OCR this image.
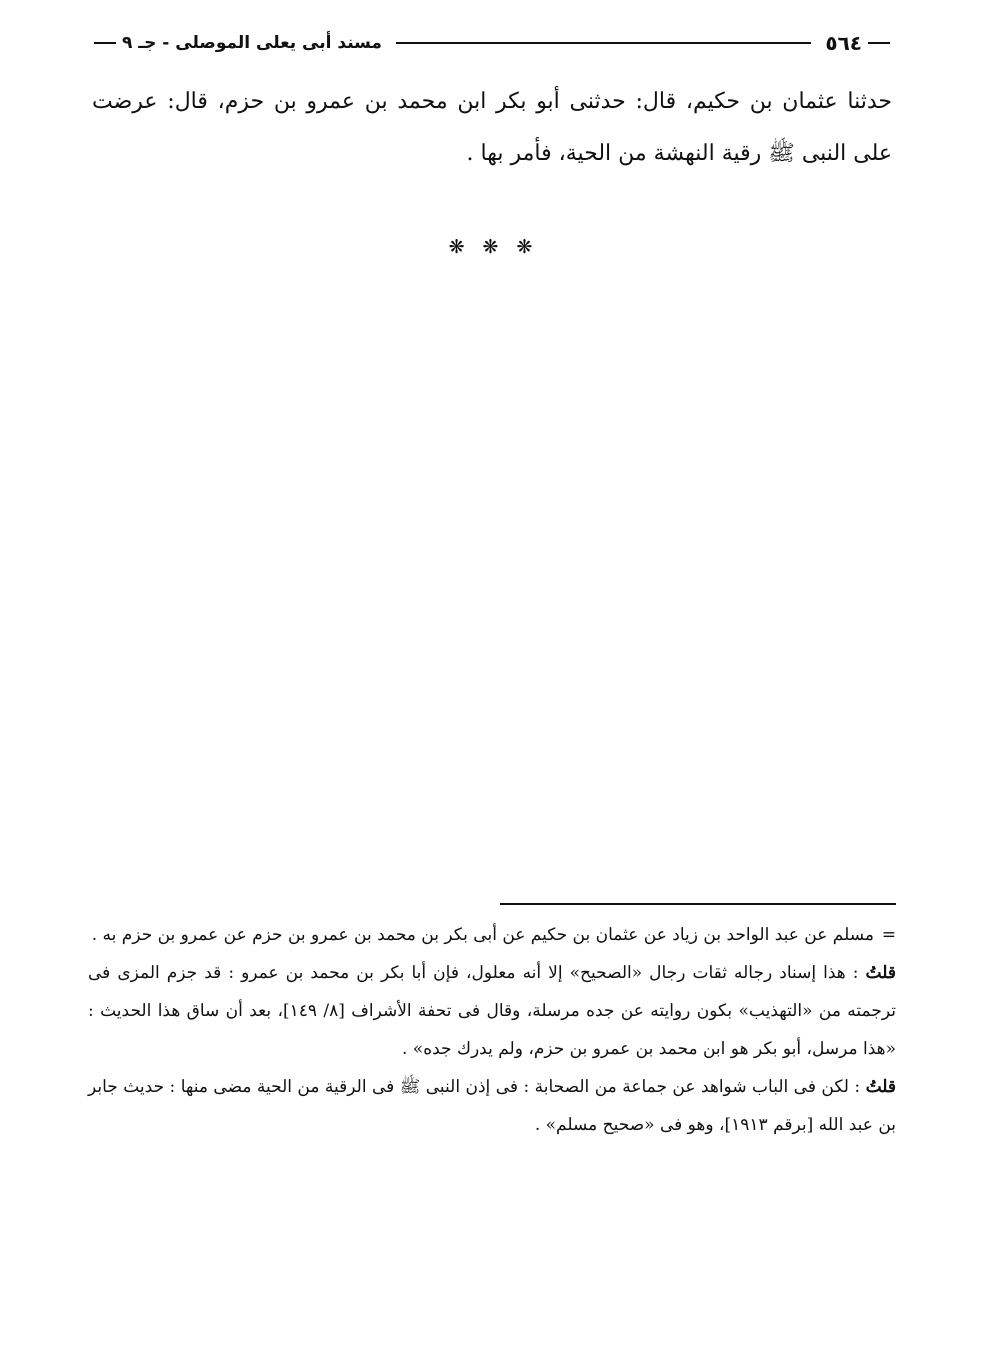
٥٦٤
مسند أبى يعلى الموصلى - جـ ٩
حدثنا عثمان بن حكيم، قال: حدثنى أبو بكر ابن محمد بن عمرو بن حزم، قال: عرضت على النبى ﷺ رقية النهشة من الحية، فأمر بها .
❋ ❋ ❋

=
مسلم عن عبد الواحد بن زياد عن عثمان بن حكيم عن أبى بكر بن محمد بن عمرو بن حزم عن عمرو بن حزم به .

قلتُ : هذا إسناد رجاله ثقات رجال «الصحيح» إلا أنه معلول، فإن أبا بكر بن محمد بن عمرو : قد جزم المزى فى ترجمته من «التهذيب» بكون روايته عن جده مرسلة، وقال فى تحفة الأشراف [٨/ ١٤٩]، بعد أن ساق هذا الحديث : «هذا مرسل، أبو بكر هو ابن محمد بن عمرو بن حزم، ولم يدرك جده» .

قلتُ : لكن فى الباب شواهد عن جماعة من الصحابة : فى إذن النبى ﷺ فى الرقية من الحية مضى منها : حديث جابر بن عبد الله [برقم ١٩١٣]، وهو فى «صحيح مسلم» .
